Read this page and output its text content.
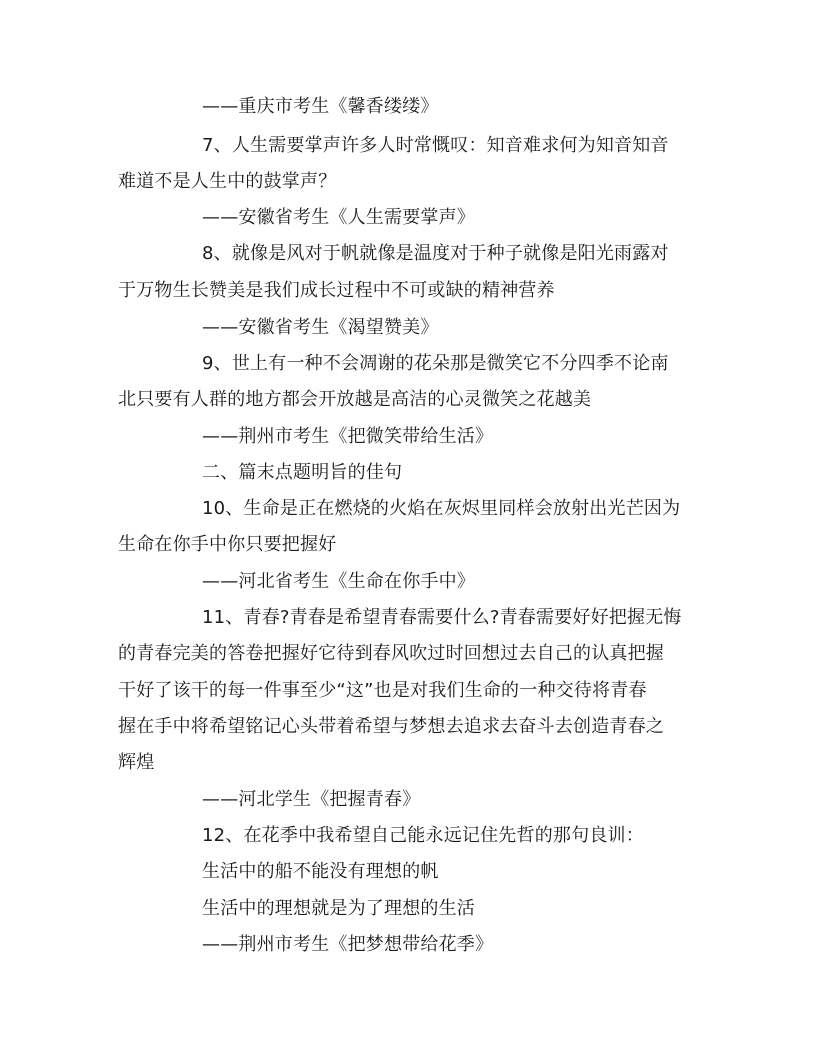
——重庆市考生《馨香缕缕》
7、人生需要掌声许多人时常慨叹：知音难求何为知音知音
难道不是人生中的鼓掌声？
——安徽省考生《人生需要掌声》
8、就像是风对于帆就像是温度对于种子就像是阳光雨露对
于万物生长赞美是我们成长过程中不可或缺的精神营养
——安徽省考生《渴望赞美》
9、世上有一种不会凋谢的花朵那是微笑它不分四季不论南
北只要有人群的地方都会开放越是高洁的心灵微笑之花越美
——荆州市考生《把微笑带给生活》
二、篇末点题明旨的佳句
10、生命是正在燃烧的火焰在灰烬里同样会放射出光芒因为
生命在你手中你只要把握好
——河北省考生《生命在你手中》
11、青春?青春是希望青春需要什么?青春需要好好把握无悔
的青春完美的答卷把握好它待到春风吹过时回想过去自己的认真把握
干好了该干的每一件事至少“这”也是对我们生命的一种交待将青春
握在手中将希望铭记心头带着希望与梦想去追求去奋斗去创造青春之
辉煌
——河北学生《把握青春》
12、在花季中我希望自己能永远记住先哲的那句良训：
生活中的船不能没有理想的帆
生活中的理想就是为了理想的生活
——荆州市考生《把梦想带给花季》
